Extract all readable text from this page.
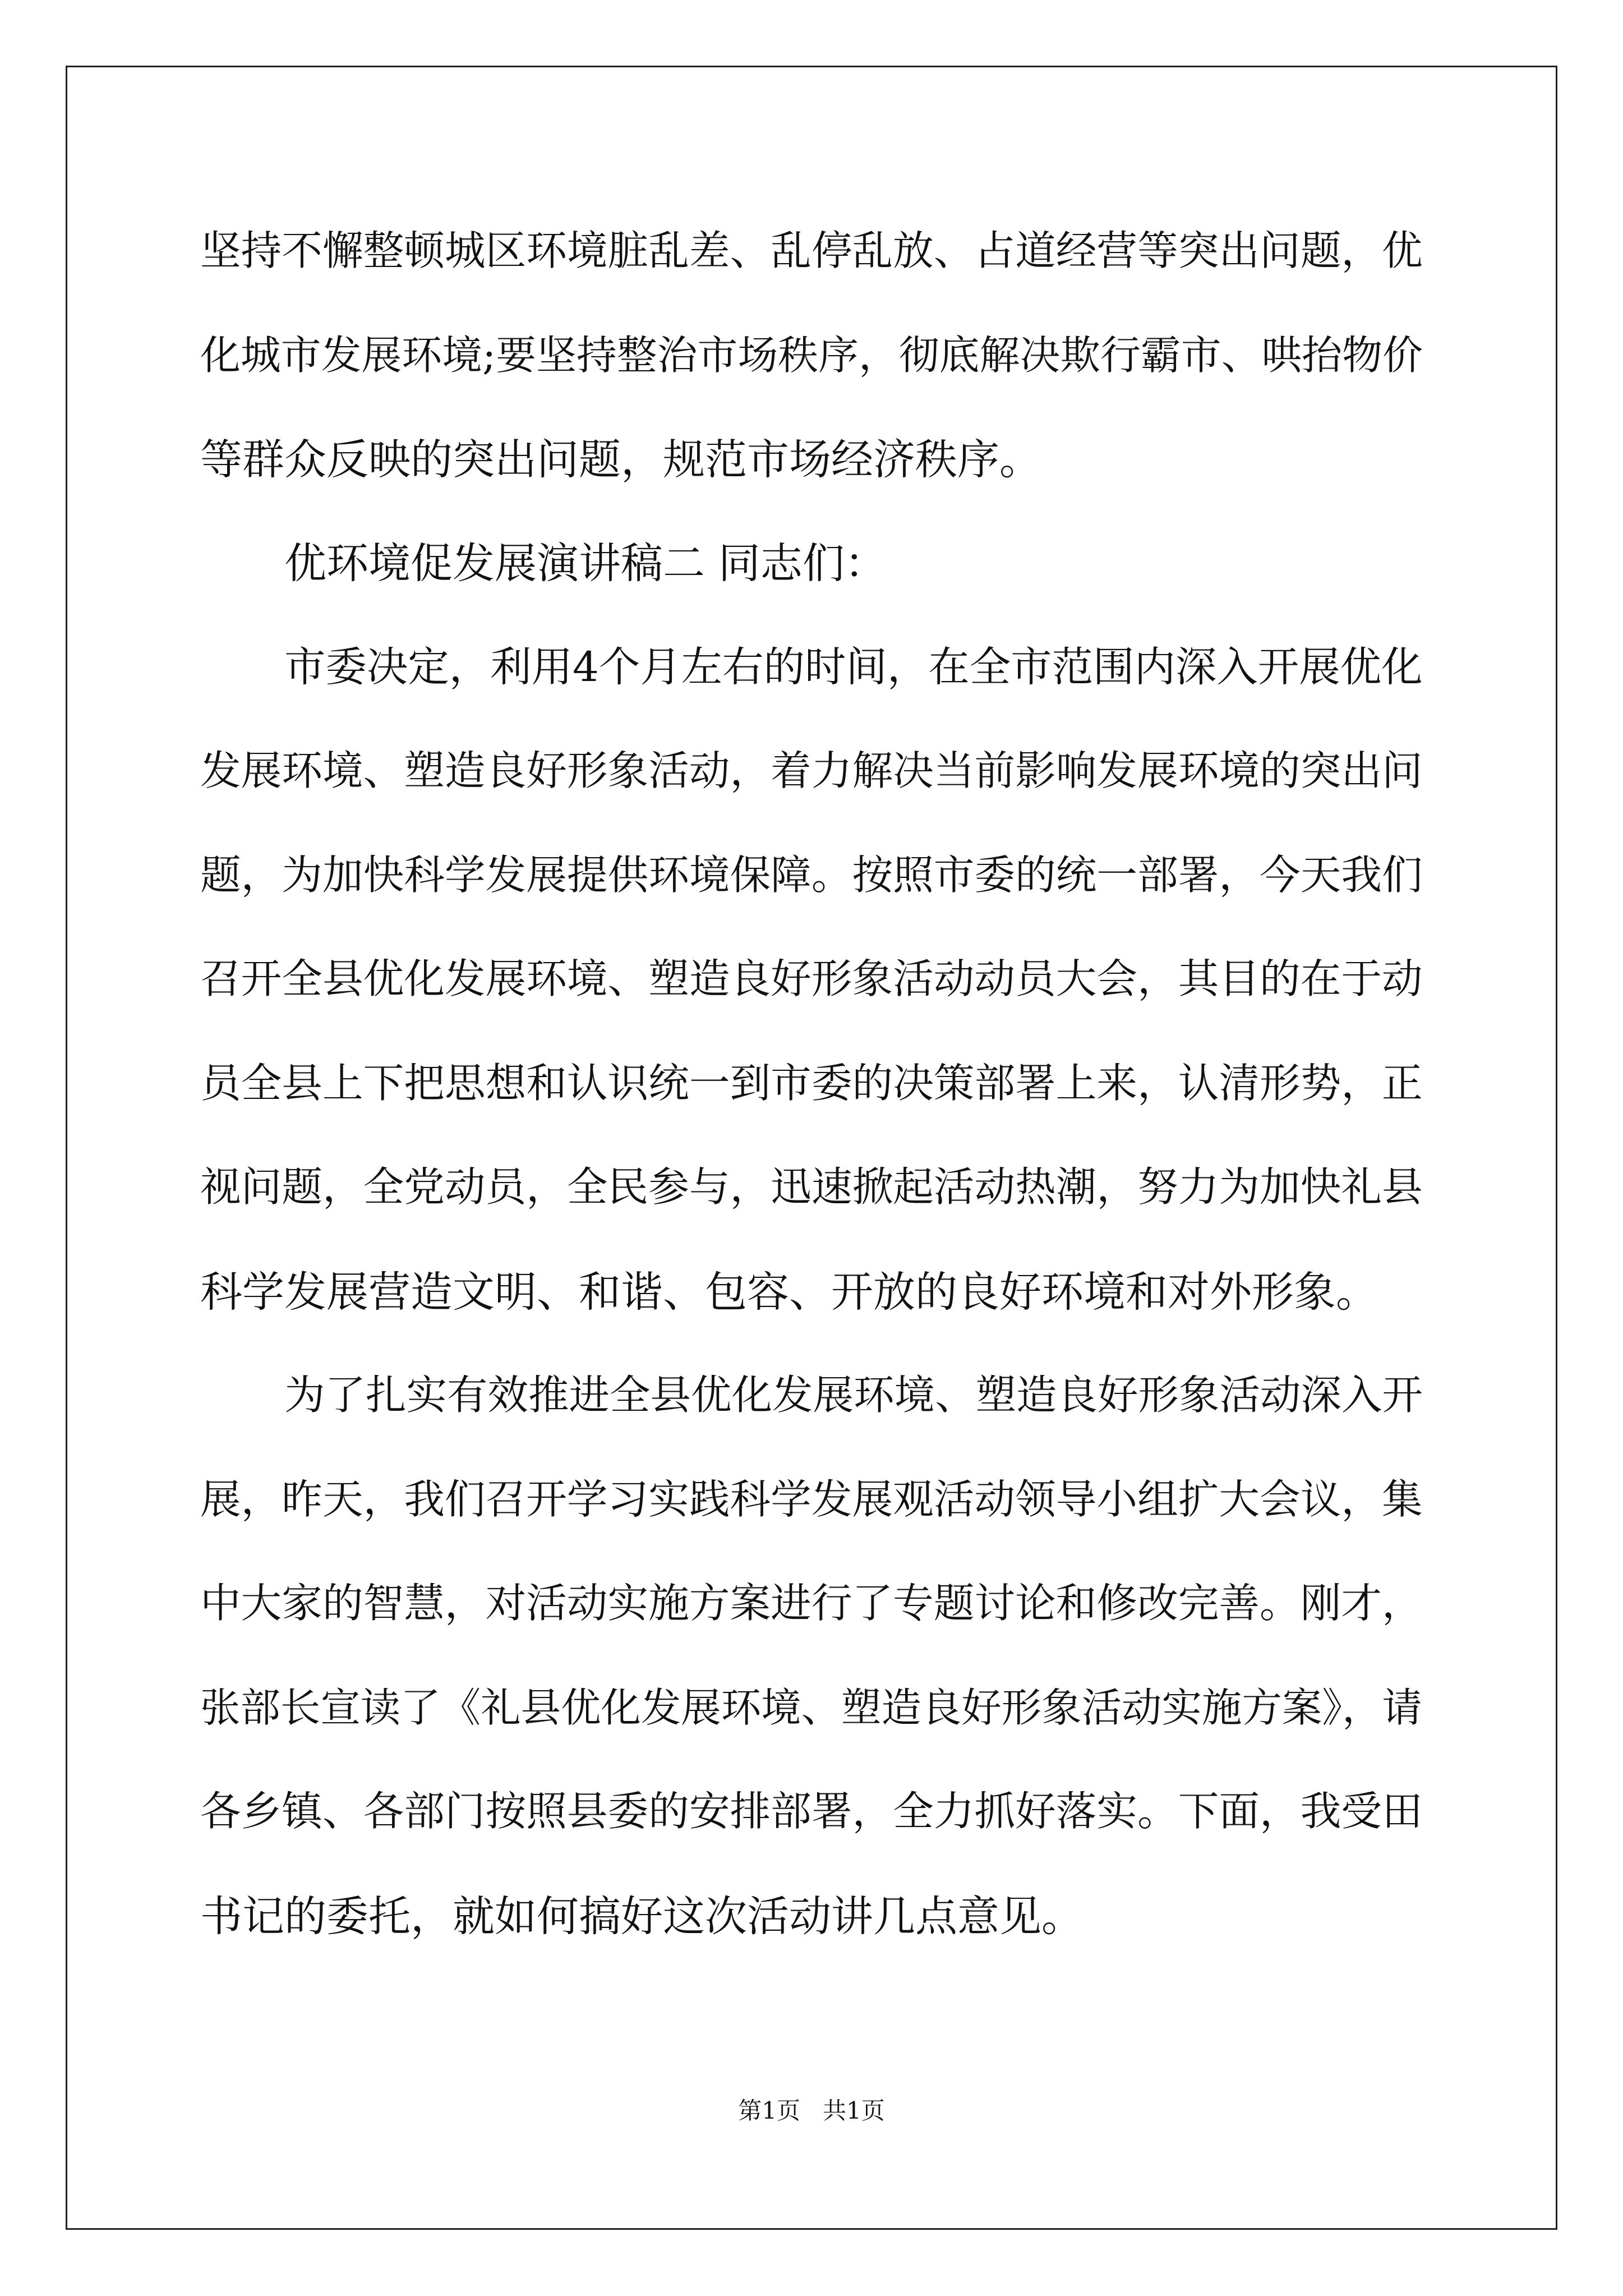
坚持不懈整顿城区环境脏乱差、乱停乱放、占道经营等突出问题，优

化城市发展环境;要坚持整治市场秩序，彻底解决欺行霸市、哄抬物价

等群众反映的突出问题，规范市场经济秩序。

优环境促发展演讲稿二 同志们：

市委决定，利用4个月左右的时间，在全市范围内深入开展优化

发展环境、塑造良好形象活动，着力解决当前影响发展环境的突出问

题，为加快科学发展提供环境保障。按照市委的统一部署，今天我们

召开全县优化发展环境、塑造良好形象活动动员大会，其目的在于动

员全县上下把思想和认识统一到市委的决策部署上来，认清形势，正

视问题，全党动员，全民参与，迅速掀起活动热潮，努力为加快礼县

科学发展营造文明、和谐、包容、开放的良好环境和对外形象。

为了扎实有效推进全县优化发展环境、塑造良好形象活动深入开

展，昨天，我们召开学习实践科学发展观活动领导小组扩大会议，集

中大家的智慧，对活动实施方案进行了专题讨论和修改完善。刚才，

张部长宣读了《礼县优化发展环境、塑造良好形象活动实施方案》，请

各乡镇、各部门按照县委的安排部署，全力抓好落实。下面，我受田

书记的委托，就如何搞好这次活动讲几点意见。

第1页   共1页
